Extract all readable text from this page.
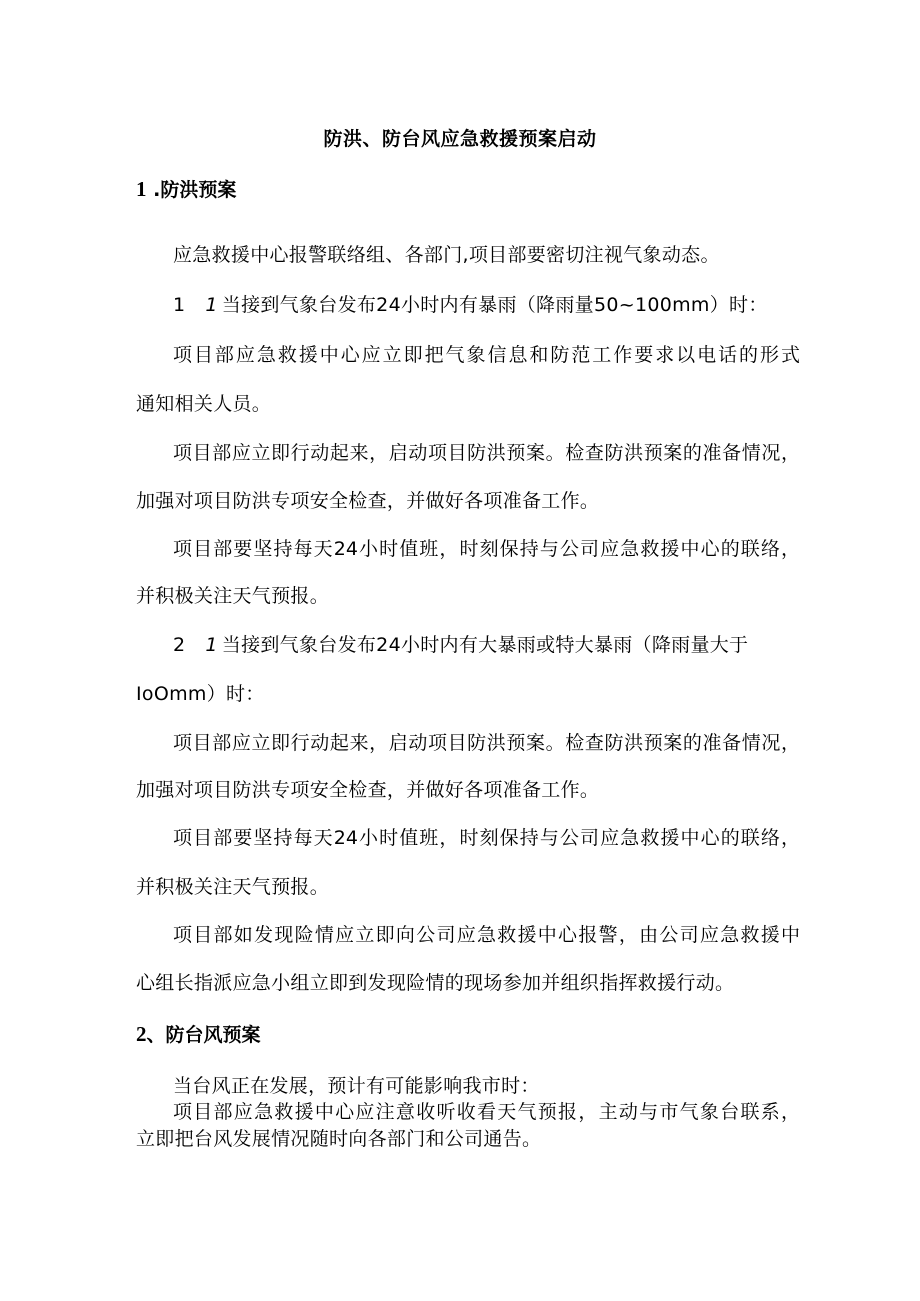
防洪、防台风应急救援预案启动
1 .防洪预案
应急救援中心报警联络组、各部门,项目部要密切注视气象动态。
1 1 当接到气象台发布24小时内有暴雨（降雨量50~100mm）时：
项目部应急救援中心应立即把气象信息和防范工作要求以电话的形式
通知相关人员。
项目部应立即行动起来，启动项目防洪预案。检查防洪预案的准备情况，
加强对项目防洪专项安全检查，并做好各项准备工作。
项目部要坚持每天24小时值班，时刻保持与公司应急救援中心的联络，
并积极关注天气预报。
2 1 当接到气象台发布24小时内有大暴雨或特大暴雨（降雨量大于
IoOmm）时：
项目部应立即行动起来，启动项目防洪预案。检查防洪预案的准备情况，
加强对项目防洪专项安全检查，并做好各项准备工作。
项目部要坚持每天24小时值班，时刻保持与公司应急救援中心的联络，
并积极关注天气预报。
项目部如发现险情应立即向公司应急救援中心报警，由公司应急救援中
心组长指派应急小组立即到发现险情的现场参加并组织指挥救援行动。
2、防台风预案
当台风正在发展，预计有可能影响我市时：
项目部应急救援中心应注意收听收看天气预报，主动与市气象台联系，
立即把台风发展情况随时向各部门和公司通告。
